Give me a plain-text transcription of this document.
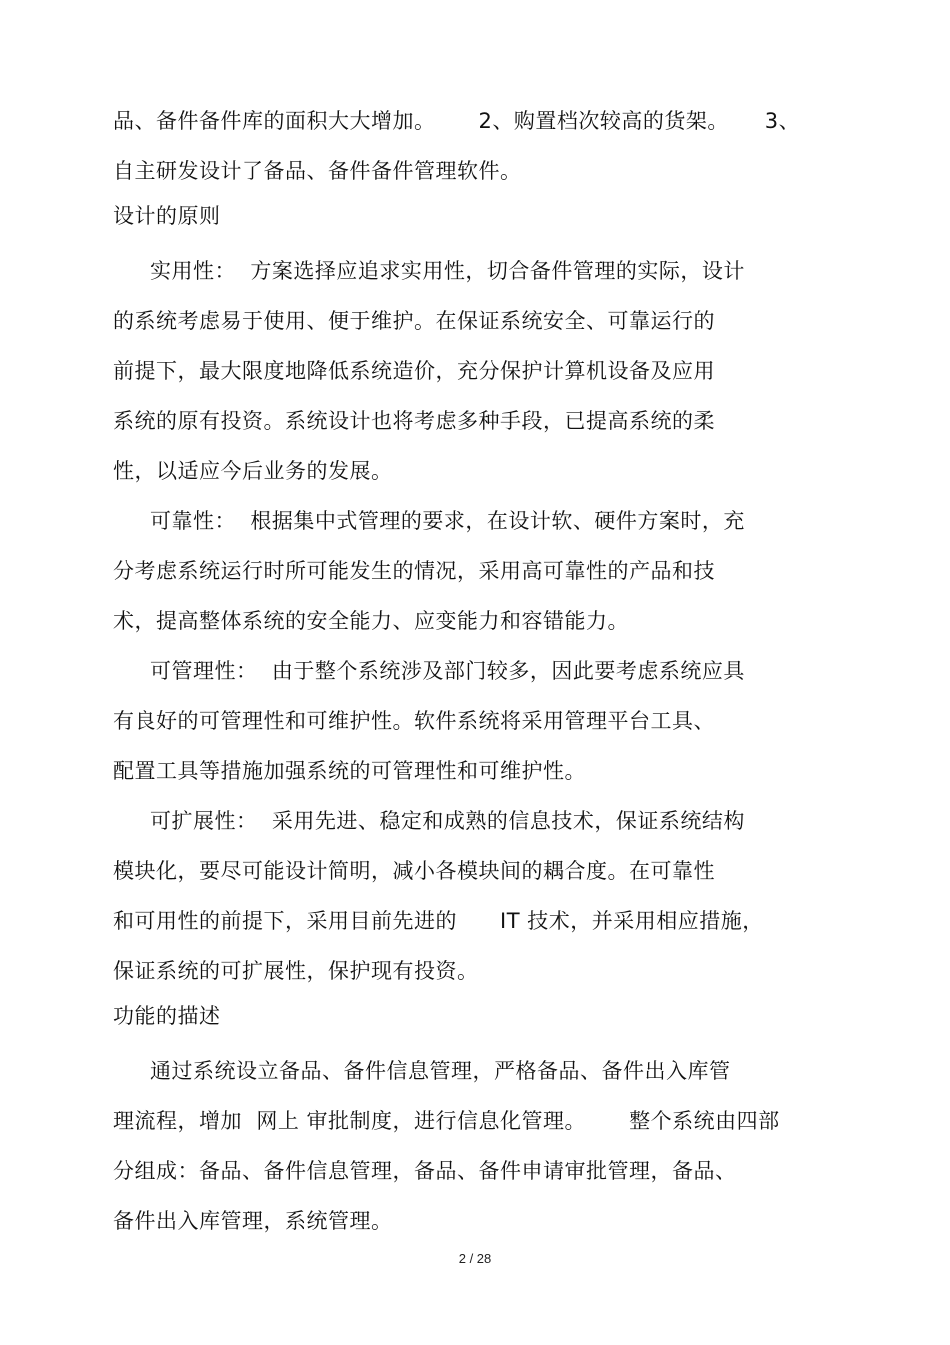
品、备件备件库的面积大大增加。      2、购置档次较高的货架。     3、
自主研发设计了备品、备件备件管理软件。
设计的原则
实用性：  方案选择应追求实用性，切合备件管理的实际，设计
的系统考虑易于使用、便于维护。在保证系统安全、可靠运行的
前提下，最大限度地降低系统造价，充分保护计算机设备及应用
系统的原有投资。系统设计也将考虑多种手段，已提高系统的柔
性，以适应今后业务的发展。
可靠性：  根据集中式管理的要求，在设计软、硬件方案时，充
分考虑系统运行时所可能发生的情况，采用高可靠性的产品和技
术，提高整体系统的安全能力、应变能力和容错能力。
可管理性：  由于整个系统涉及部门较多，因此要考虑系统应具
有良好的可管理性和可维护性。软件系统将采用管理平台工具、
配置工具等措施加强系统的可管理性和可维护性。
可扩展性：  采用先进、稳定和成熟的信息技术，保证系统结构
模块化，要尽可能设计简明，减小各模块间的耦合度。在可靠性
和可用性的前提下，采用目前先进的      IT 技术，并采用相应措施，
保证系统的可扩展性，保护现有投资。
功能的描述
通过系统设立备品、备件信息管理，严格备品、备件出入库管
理流程，增加  网上 审批制度，进行信息化管理。      整个系统由四部
分组成：备品、备件信息管理，备品、备件申请审批管理，备品、
备件出入库管理，系统管理。
2 / 28
